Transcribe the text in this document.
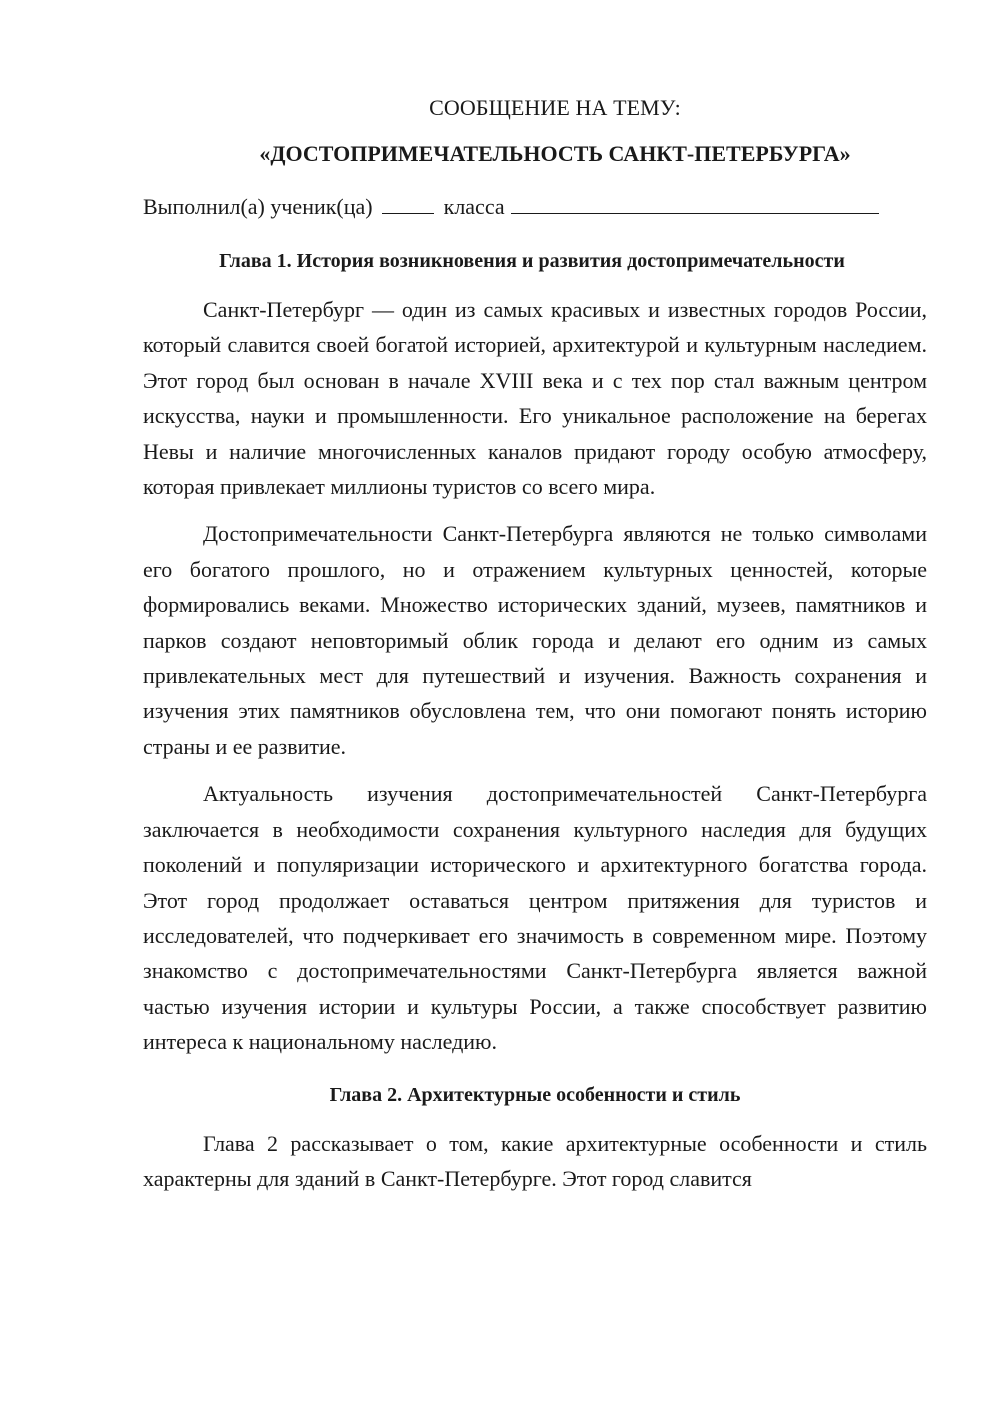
СООБЩЕНИЕ НА ТЕМУ:

«ДОСТОПРИМЕЧАТЕЛЬНОСТЬ САНКТ-ПЕТЕРБУРГА»

Выполнил(а) ученик(ца)	класса

Глава 1. История возникновения и развития достопримечательности

Санкт-Петербург — один из самых красивых и известных городов России, который славится своей богатой историей, архитектурой и культурным наследием. Этот город был основан в начале XVIII века и с тех пор стал важным центром искусства, науки и промышленности. Его уникальное расположение на берегах Невы и наличие многочисленных каналов придают городу особую атмосферу, которая привлекает миллионы туристов со всего мира.

Достопримечательности Санкт-Петербурга являются не только символами его богатого прошлого, но и отражением культурных ценностей, которые формировались веками. Множество исторических зданий, музеев, памятников и парков создают неповторимый облик города и делают его одним из самых привлекательных мест для путешествий и изучения. Важность сохранения и изучения этих памятников обусловлена тем, что они помогают понять историю страны и ее развитие.

Актуальность изучения достопримечательностей Санкт-Петербурга заключается в необходимости сохранения культурного наследия для будущих поколений и популяризации исторического и архитектурного богатства города. Этот город продолжает оставаться центром притяжения для туристов и исследователей, что подчеркивает его значимость в современном мире. Поэтому знакомство с достопримечательностями Санкт-Петербурга является важной частью изучения истории и культуры России, а также способствует развитию интереса к национальному наследию.

Глава 2. Архитектурные особенности и стиль

Глава 2 рассказывает о том, какие архитектурные особенности и стиль характерны для зданий в Санкт-Петербурге. Этот город славится
